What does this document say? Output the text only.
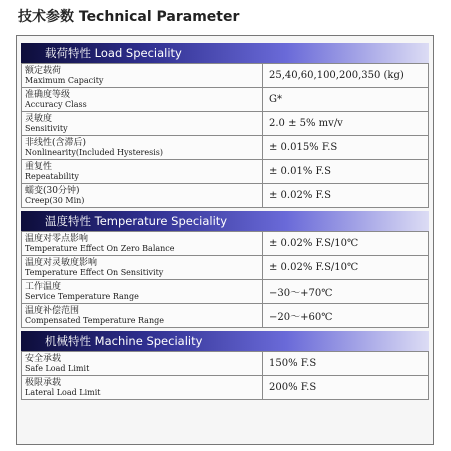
技术参数 Technical Parameter
载荷特性 Load Speciality
额定载荷
Maximum Capacity	25,40,60,100,200,350 (kg)
准确度等级
Accuracy Class	G*
灵敏度
Sensitivity	2.0 ± 5% mv/v
非线性(含滞后)
Nonlinearity(Included Hysteresis)	± 0.015% F.S
重复性
Repeatability	± 0.01% F.S
蠕变(30分钟)
Creep(30 Min)	± 0.02% F.S
温度特性 Temperature Speciality
温度对零点影响
Temperature Effect On Zero Balance	± 0.02% F.S/10℃
温度对灵敏度影响
Temperature Effect On Sensitivity	± 0.02% F.S/10℃
工作温度
Service Temperature Range	−30～+70℃
温度补偿范围
Compensated Temperature Range	−20～+60℃
机械特性 Machine Speciality
安全承载
Safe Load Limit	150% F.S
极限承载
Lateral Load Limit	200% F.S
